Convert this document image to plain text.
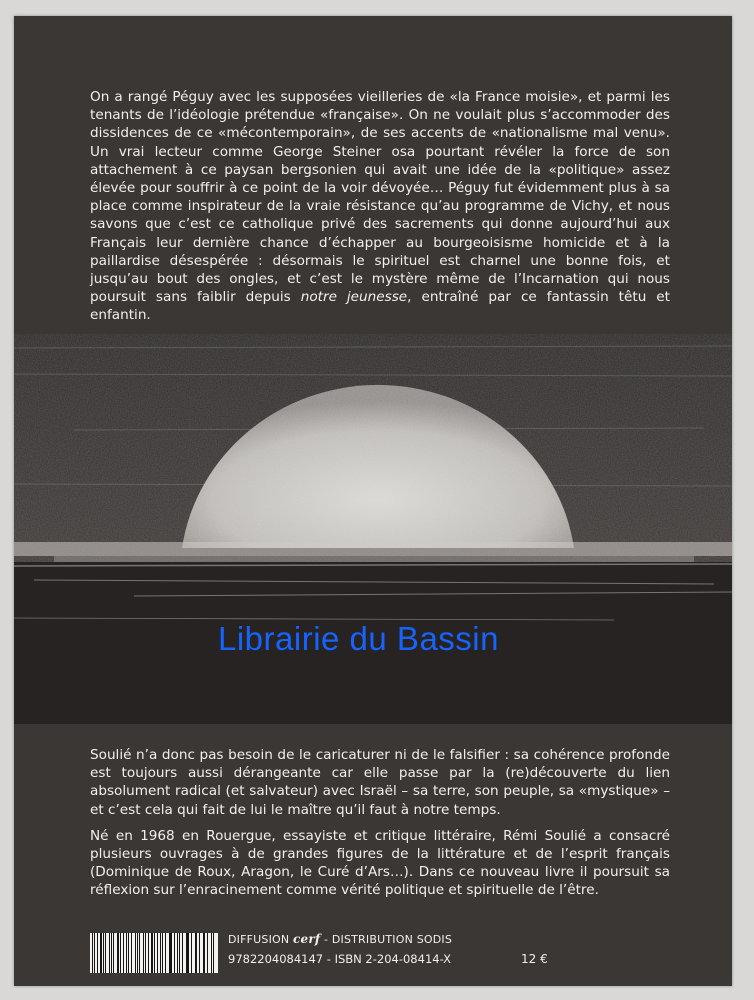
On a rangé Péguy avec les supposées vieilleries de «la France moisie», et parmi les tenants de l’idéologie prétendue «française». On ne voulait plus s’accommoder des dissidences de ce «mécontemporain», de ses accents de «nationalisme mal venu». Un vrai lecteur comme George Steiner osa pourtant révéler la force de son attachement à ce paysan bergsonien qui avait une idée de la «politique» assez élevée pour souffrir à ce point de la voir dévoyée… Péguy fut évidemment plus à sa place comme inspirateur de la vraie résistance qu’au programme de Vichy, et nous savons que c’est ce catholique privé des sacrements qui donne aujourd’hui aux Français leur dernière chance d’échapper au bourgeoisisme homicide et à la paillardise désespérée : désormais le spirituel est charnel une bonne fois, et jusqu’au bout des ongles, et c’est le mystère même de l’Incarnation qui nous poursuit sans faiblir depuis notre jeunesse, entraîné par ce fantassin têtu et enfantin.

Librairie du Bassin

Soulié n’a donc pas besoin de le caricaturer ni de le falsifier : sa cohérence profonde est toujours aussi dérangeante car elle passe par la (re)découverte du lien absolument radical (et salvateur) avec Israël – sa terre, son peuple, sa «mystique» – et c’est cela qui fait de lui le maître qu’il faut à notre temps.

Né en 1968 en Rouergue, essayiste et critique littéraire, Rémi Soulié a consacré plusieurs ouvrages à de grandes figures de la littérature et de l’esprit français (Dominique de Roux, Aragon, le Curé d’Ars…). Dans ce nouveau livre il poursuit sa réflexion sur l’enracinement comme vérité politique et spirituelle de l’être.

DIFFUSION cerf - DISTRIBUTION SODIS
9782204084147 - ISBN 2-204-08414-X	12 €
